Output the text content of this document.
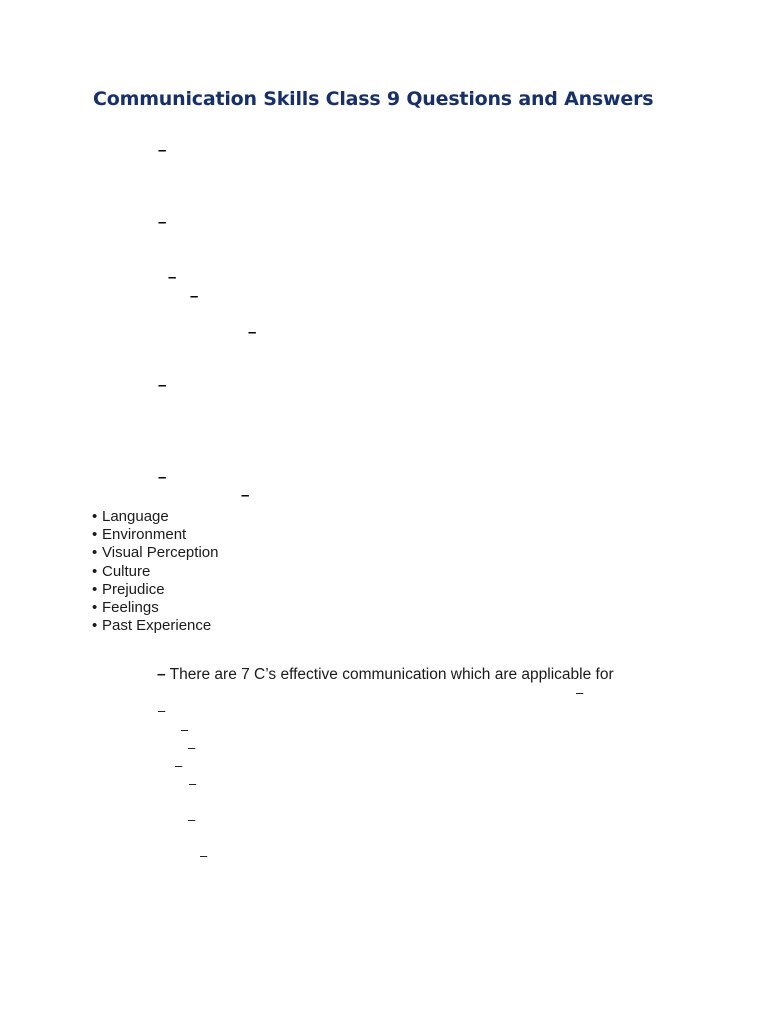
Communication Skills Class 9 Questions and Answers
–
–
–
–
–
–
–
–
• Language
• Environment
• Visual Perception
• Culture
• Prejudice
• Feelings
• Past Experience
– There are 7 C’s effective communication which are applicable for
–
–
–
–
–
–
–
–
